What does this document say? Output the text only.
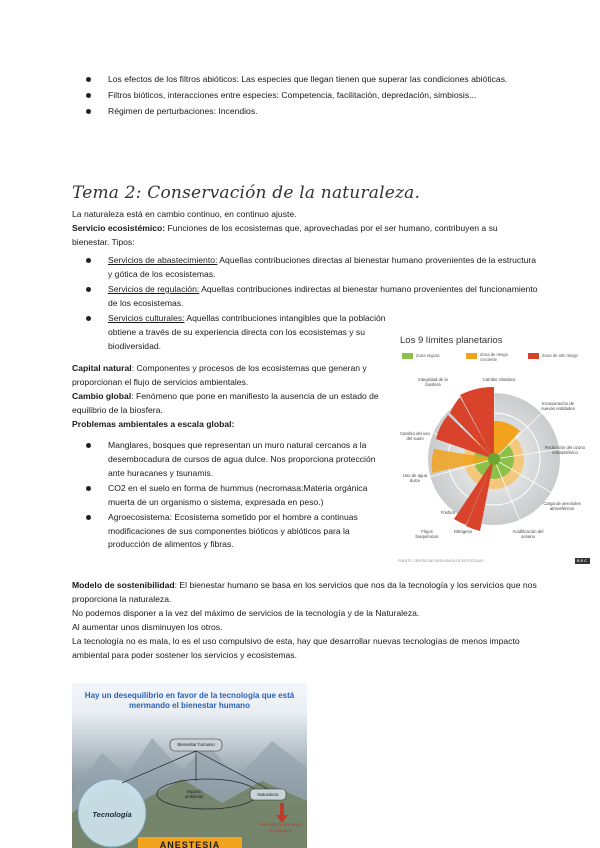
Los efectos de los filtros abióticos: Las especies que llegan tienen que superar las condiciones abióticas.
Filtros bióticos, interacciones entre especies: Competencia, facilitación, depredación, simbiosis...
Régimen de perturbaciones: Incendios.
Tema 2: Conservación de la naturaleza.

La naturaleza está en cambio continuo, en continuo ajuste.

Servicio ecosistémico: Funciones de los ecosistemas que, aprovechadas por el ser humano, contribuyen a su bienestar. Tipos:

Servicios de abastecimiento: Aquellas contribuciones directas al bienestar humano provenientes de la estructura y gótica de los ecosistemas.
Servicios de regulación: Aquellas contribuciones indirectas al bienestar humano provenientes del funcionamiento de los ecosistemas.
Servicios culturales: Aquellas contribuciones intangibles que la población obtiene a través de su experiencia directa con los ecosistemas y su biodiversidad.

Capital natural: Componentes y procesos de los ecosistemas que generan y proporcionan el flujo de servicios ambientales.

Cambio global: Fenómeno que pone en manifiesto la ausencia de un estado de equilibrio de la biosfera.

Problemas ambientales a escala global:

Manglares, bosques que representan un muro natural cercanos a la desembocadura de cursos de agua dulce. Nos proporciona protección ante huracanes y tsunamis.
CO2 en el suelo en forma de hummus (necromasa:Materia orgánica muerta de un organismo o sistema, expresada en peso.)
Agroecosistema: Ecosistema sometido por el hombre a continuas modificaciones de sus componentes bióticos y abióticos para la producción de alimentos y fibras.

Modelo de sostenibilidad: El bienestar humano se basa en los servicios que nos da la tecnología y los servicios que nos proporciona la naturaleza.

No podemos disponer a la vez del máximo de servicios de la tecnología y de la Naturaleza.

Al aumentar unos disminuyen los otros.

La tecnología no es mala, lo es el uso compulsivo de esta, hay que desarrollar nuevas tecnologías de menos impacto ambiental para poder sostener los servicios y ecosistemas.

Los 9 límites planetarios
Zona segura	Zona de riesgo creciente
Zona de alto riesgo
Integridad de la biosfera
Cambio climático
Incorporación de nuevas entidades
Reducción del ozono estratosférico
Carga de aerosoles atmosféricos
Acidificación del océano
Flujos bioquímicos
Fósforo
Nitrógeno
Uso de agua dulce
Cambio del uso del suelo
FUENTE: CENTRO DE RESILIENCIA DE ESTOCOLMO	BBC
Hay un desequilibrio en favor de la tecnología que está mermando el bienestar humano
Bienestar humano
Impacto ambiental	Naturaleza
Tecnología
Pérdida de servicios ecológicos
ANESTESIA
